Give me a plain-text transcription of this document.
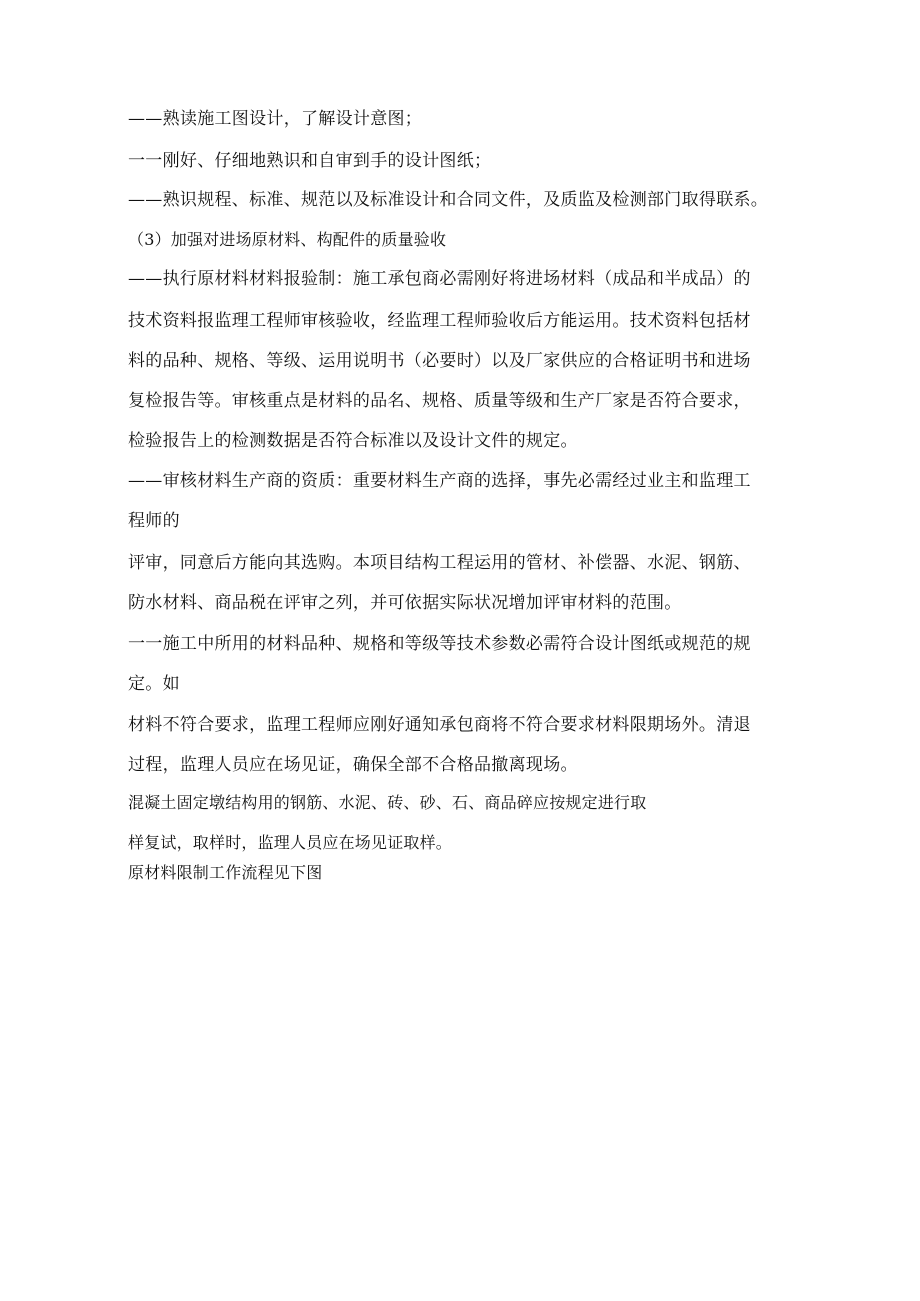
——熟读施工图设计，了解设计意图；
一一刚好、仔细地熟识和自审到手的设计图纸；
——熟识规程、标准、规范以及标准设计和合同文件，及质监及检测部门取得联系。
（3）加强对进场原材料、构配件的质量验收
——执行原材料材料报验制：施工承包商必需刚好将进场材料（成品和半成品）的
技术资料报监理工程师审核验收，经监理工程师验收后方能运用。技术资料包括材
料的品种、规格、等级、运用说明书（必要时）以及厂家供应的合格证明书和进场
复检报告等。审核重点是材料的品名、规格、质量等级和生产厂家是否符合要求，
检验报告上的检测数据是否符合标准以及设计文件的规定。
——审核材料生产商的资质：重要材料生产商的选择，事先必需经过业主和监理工
程师的
评审，同意后方能向其选购。本项目结构工程运用的管材、补偿器、水泥、钢筋、
防水材料、商品税在评审之列，并可依据实际状况增加评审材料的范围。
一一施工中所用的材料品种、规格和等级等技术参数必需符合设计图纸或规范的规
定。如
材料不符合要求，监理工程师应刚好通知承包商将不符合要求材料限期场外。清退
过程，监理人员应在场见证，确保全部不合格品撤离现场。
混凝土固定墩结构用的钢筋、水泥、砖、砂、石、商品碎应按规定进行取
样复试，取样时，监理人员应在场见证取样。
原材料限制工作流程见下图
